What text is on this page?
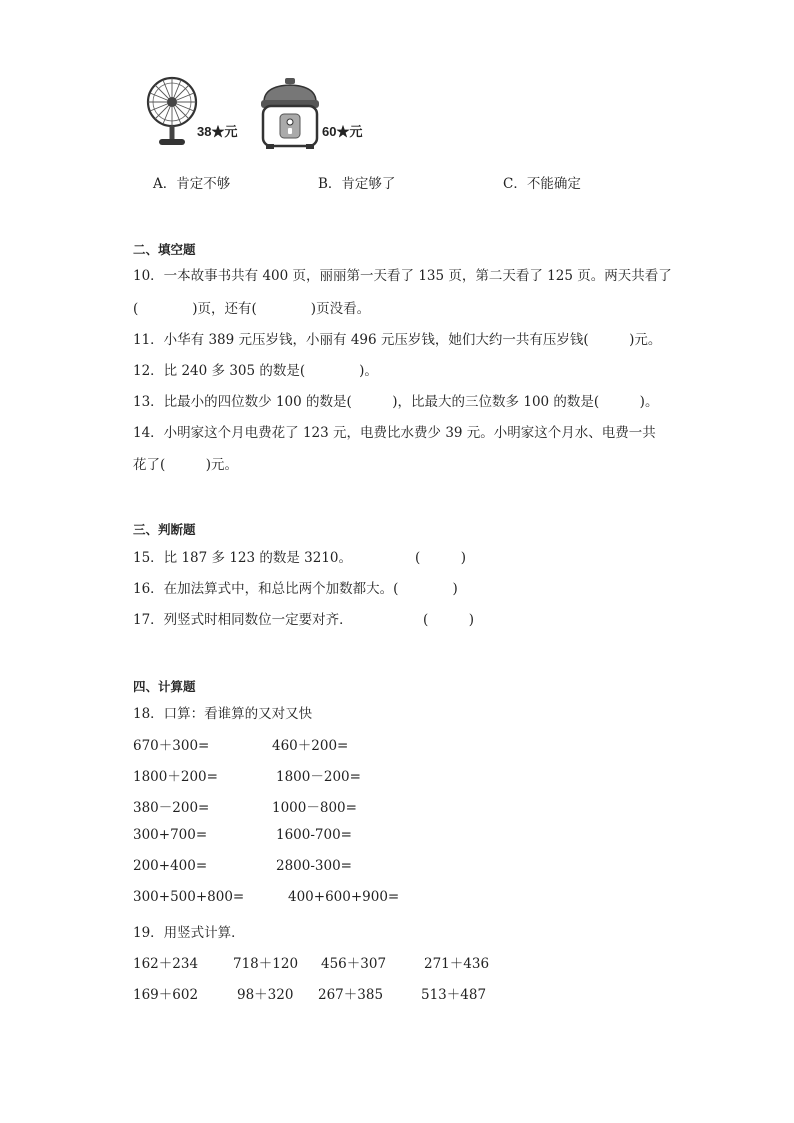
38★元	60★元
A．肯定不够	B．肯定够了	C．不能确定
二、填空题
10．一本故事书共有 400 页，丽丽第一天看了 135 页，第二天看了 125 页。两天共看了
(　　　　)页，还有(　　　　)页没看。
11．小华有 389 元压岁钱，小丽有 496 元压岁钱，她们大约一共有压岁钱(　　　)元。
12．比 240 多 305 的数是(　　　　)。
13．比最小的四位数少 100 的数是(　　　)，比最大的三位数多 100 的数是(　　　)。
14．小明家这个月电费花了 123 元，电费比水费少 39 元。小明家这个月水、电费一共
花了(　　　)元。
三、判断题
15．比 187 多 123 的数是 3210。	(　　　)
16．在加法算式中，和总比两个加数都大。(　　　　)
17．列竖式时相同数位一定要对齐．	(　　　)
四、计算题
18．口算：看谁算的又对又快
670＋300=	460＋200=
1800＋200=	1800－200=
380－200=	1000－800=
300+700=	1600-700=
200+400=	2800-300=
300+500+800=	400+600+900=
19．用竖式计算．
162＋234	718＋120 456＋307	271＋436
169＋602	98＋320 267＋385	513＋487
